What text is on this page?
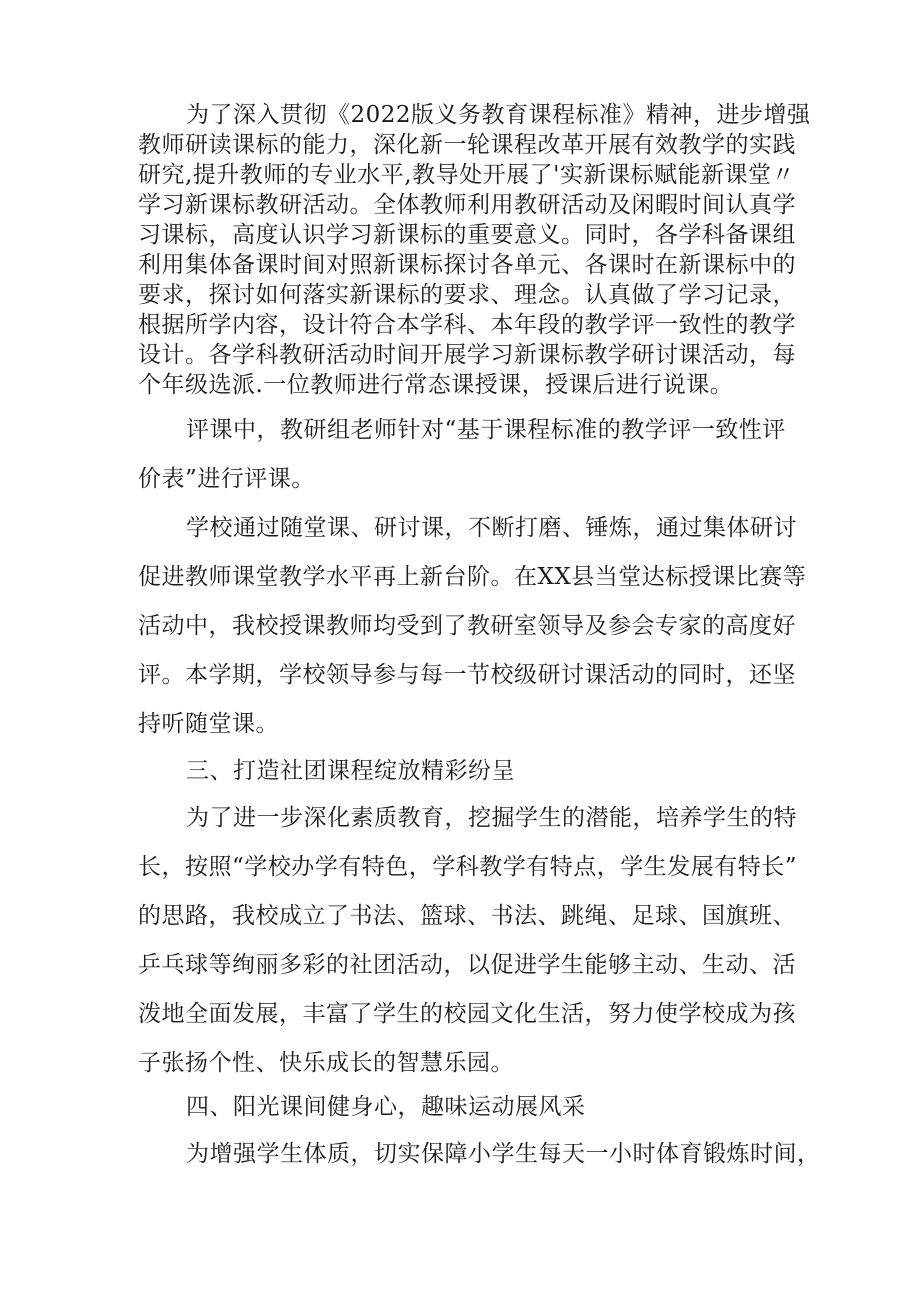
为了深入贯彻《2022版义务教育课程标准》精神，进步增强
教师研读课标的能力，深化新一轮课程改革开展有效教学的实践
研究,提升教师的专业水平,教导处开展了'实新课标赋能新课堂〃
学习新课标教研活动。全体教师利用教研活动及闲暇时间认真学
习课标，高度认识学习新课标的重要意义。同时，各学科备课组
利用集体备课时间对照新课标探讨各单元、各课时在新课标中的
要求，探讨如何落实新课标的要求、理念。认真做了学习记录，
根据所学内容，设计符合本学科、本年段的教学评一致性的教学
设计。各学科教研活动时间开展学习新课标教学研讨课活动，每
个年级选派.一位教师进行常态课授课，授课后进行说课。
评课中，教研组老师针对“基于课程标准的教学评一致性评
价表”进行评课。
学校通过随堂课、研讨课，不断打磨、锤炼，通过集体研讨
促进教师课堂教学水平再上新台阶。在XX县当堂达标授课比赛等
活动中，我校授课教师均受到了教研室领导及参会专家的高度好
评。本学期，学校领导参与每一节校级研讨课活动的同时，还坚
持听随堂课。
三、打造社团课程绽放精彩纷呈
为了进一步深化素质教育，挖掘学生的潜能，培养学生的特
长，按照“学校办学有特色，学科教学有特点，学生发展有特长”
的思路，我校成立了书法、篮球、书法、跳绳、足球、国旗班、
乒乓球等绚丽多彩的社团活动，以促进学生能够主动、生动、活
泼地全面发展，丰富了学生的校园文化生活，努力使学校成为孩
子张扬个性、快乐成长的智慧乐园。
四、阳光课间健身心，趣味运动展风采
为增强学生体质，切实保障小学生每天一小时体育锻炼时间，
